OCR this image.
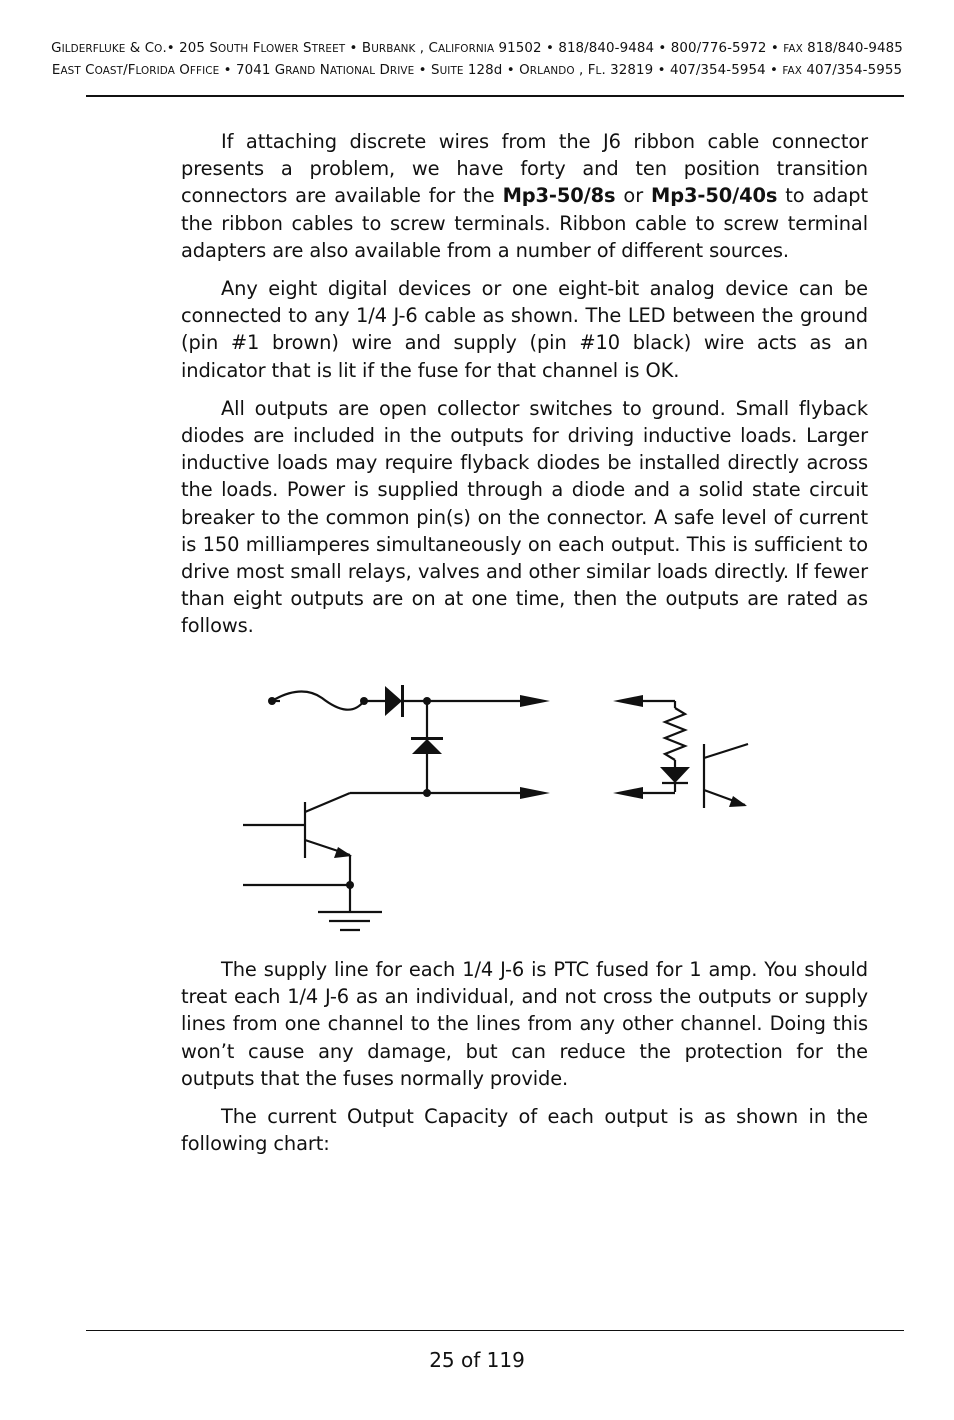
GILDERFLUKE & CO.• 205 SOUTH FLOWER STREET • BURBANK , CALIFORNIA 91502 • 818/840-9484 • 800/776-5972 • FAX 818/840-9485
EAST COAST/FLORIDA OFFICE • 7041 GRAND NATIONAL DRIVE • SUITE 128d • ORLANDO , FL. 32819 • 407/354-5954 • FAX 407/354-5955

If attaching discrete wires from the J6 ribbon cable connector presents a problem, we have forty and ten position transition connectors are available for the Mp3-50/8s or Mp3-50/40s to adapt the ribbon cables to screw terminals. Ribbon cable to screw terminal adapters are also available from a number of different sources.

Any eight digital devices or one eight-bit analog device can be connected to any 1/4 J-6 cable as shown. The LED between the ground (pin #1 brown) wire and supply (pin #10 black) wire acts as an indicator that is lit if the fuse for that channel is OK.

All outputs are open collector switches to ground. Small flyback diodes are included in the outputs for driving inductive loads. Larger inductive loads may require flyback diodes be installed directly across the loads. Power is supplied through a diode and a solid state circuit breaker to the common pin(s) on the connector. A safe level of current is 150 milliamperes simultaneously on each output. This is sufficient to drive most small relays, valves and other similar loads directly. If fewer than eight outputs are on at one time, then the outputs are rated as follows.

The supply line for each 1/4 J-6 is PTC fused for 1 amp. You should treat each 1/4 J-6 as an individual, and not cross the outputs or supply lines from one channel to the lines from any other channel. Doing this won’t cause any damage, but can reduce the protection for the outputs that the fuses normally provide.

The current Output Capacity of each output is as shown in the following chart:

25 of 119
